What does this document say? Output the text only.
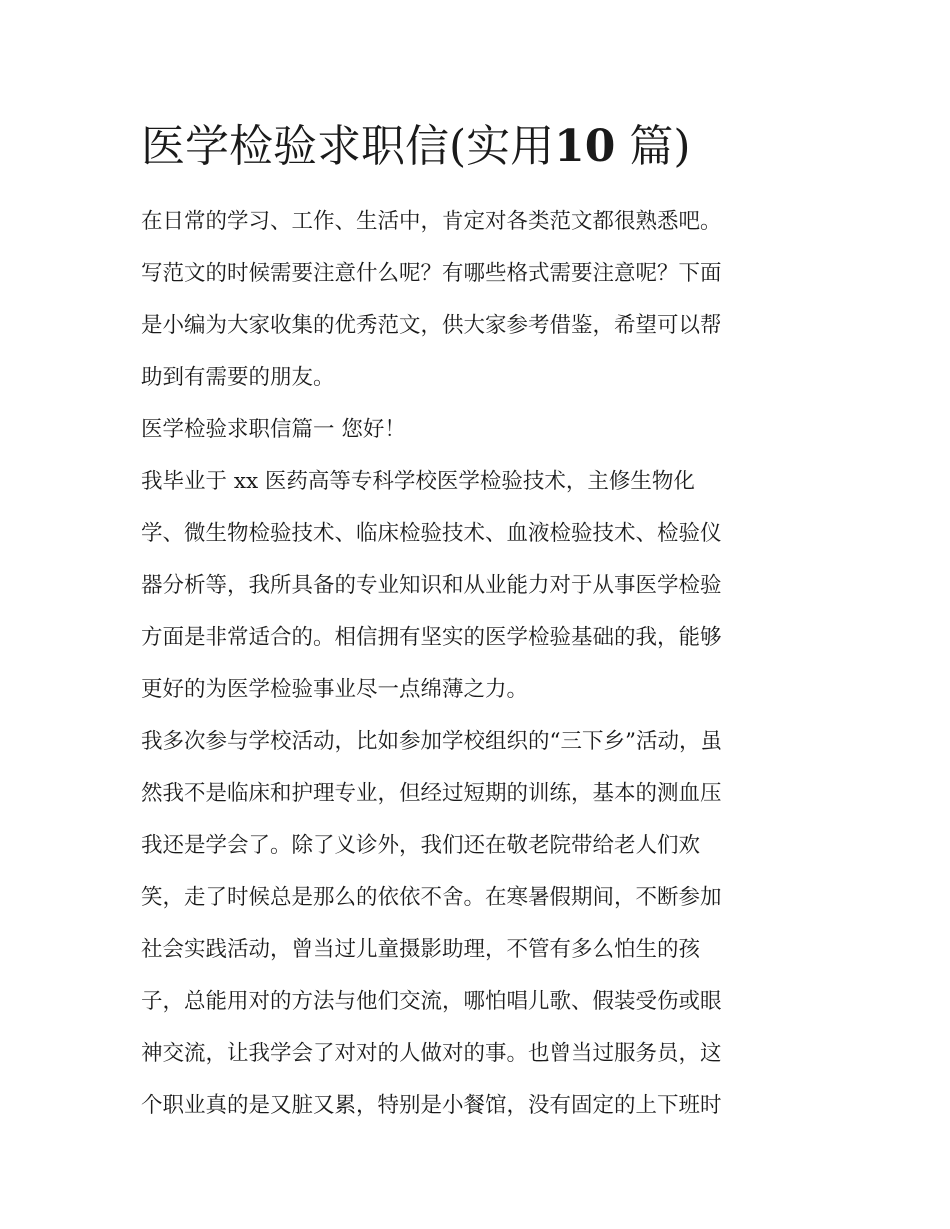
医学检验求职信(实用10 篇)
在日常的学习、工作、生活中，肯定对各类范文都很熟悉吧。
写范文的时候需要注意什么呢？有哪些格式需要注意呢？下面
是小编为大家收集的优秀范文，供大家参考借鉴，希望可以帮
助到有需要的朋友。
医学检验求职信篇一 您好！
我毕业于 xx 医药高等专科学校医学检验技术，主修生物化
学、微生物检验技术、临床检验技术、血液检验技术、检验仪
器分析等，我所具备的专业知识和从业能力对于从事医学检验
方面是非常适合的。相信拥有坚实的医学检验基础的我，能够
更好的为医学检验事业尽一点绵薄之力。
我多次参与学校活动，比如参加学校组织的“三下乡”活动，虽
然我不是临床和护理专业，但经过短期的训练，基本的测血压
我还是学会了。除了义诊外，我们还在敬老院带给老人们欢
笑，走了时候总是那么的依依不舍。在寒暑假期间，不断参加
社会实践活动，曾当过儿童摄影助理，不管有多么怕生的孩
子，总能用对的方法与他们交流，哪怕唱儿歌、假装受伤或眼
神交流，让我学会了对对的人做对的事。也曾当过服务员，这
个职业真的是又脏又累，特别是小餐馆，没有固定的上下班时
